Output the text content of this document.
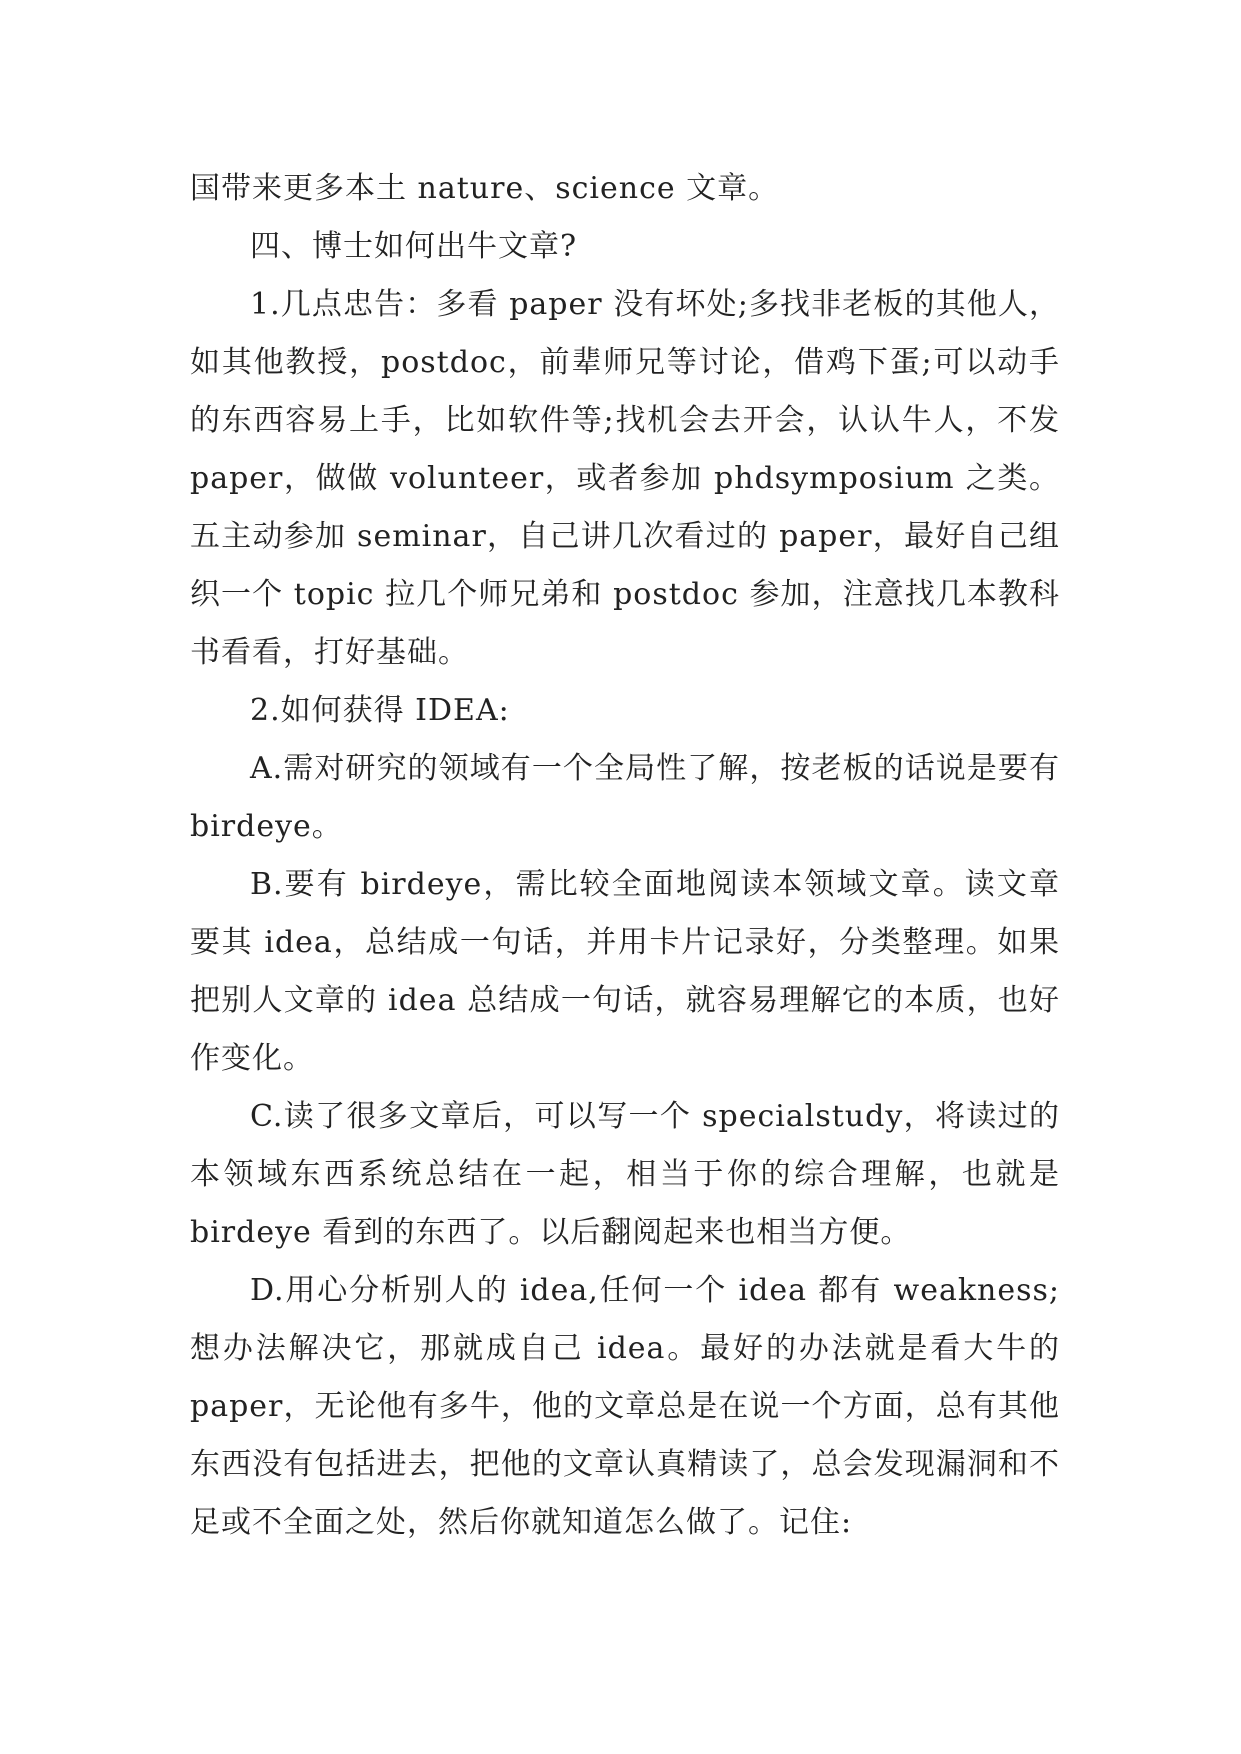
国带来更多本土 nature、science 文章。

四、博士如何出牛文章?

1.几点忠告：多看 paper 没有坏处;多找非老板的其他人，如其他教授，postdoc，前辈师兄等讨论，借鸡下蛋;可以动手的东西容易上手，比如软件等;找机会去开会，认认牛人，不发 paper，做做 volunteer，或者参加 phdsymposium 之类。五主动参加 seminar，自己讲几次看过的 paper，最好自己组织一个 topic 拉几个师兄弟和 postdoc 参加，注意找几本教科书看看，打好基础。

2.如何获得 IDEA:

A.需对研究的领域有一个全局性了解，按老板的话说是要有 birdeye。

B.要有 birdeye，需比较全面地阅读本领域文章。读文章要其 idea，总结成一句话，并用卡片记录好，分类整理。如果把别人文章的 idea 总结成一句话，就容易理解它的本质，也好作变化。

C.读了很多文章后，可以写一个 specialstudy，将读过的本领域东西系统总结在一起，相当于你的综合理解，也就是 birdeye 看到的东西了。以后翻阅起来也相当方便。

D.用心分析别人的 idea,任何一个 idea 都有 weakness;想办法解决它，那就成自己 idea。最好的办法就是看大牛的 paper，无论他有多牛，他的文章总是在说一个方面，总有其他东西没有包括进去，把他的文章认真精读了，总会发现漏洞和不足或不全面之处，然后你就知道怎么做了。记住:
